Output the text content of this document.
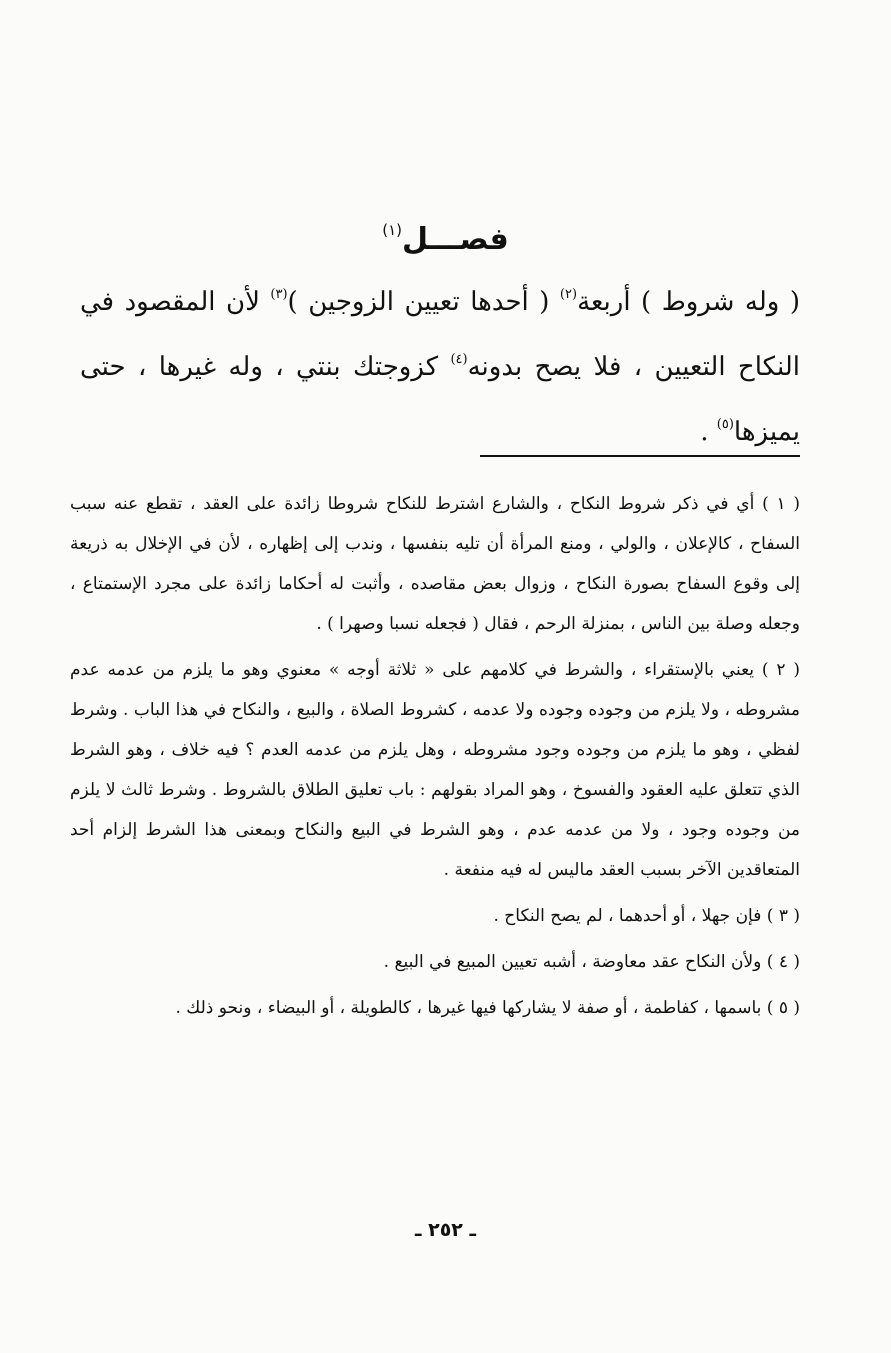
فصـــل$^{(١)}$
( وله شروط ) أربعة$^{(٢)}$ ( أحدها تعيين الزوجين )$^{(٣)}$ لأن المقصود في النكاح التعيين ، فلا يصح بدونه$^{(٤)}$ كزوجتك بنتي ، وله غيرها ، حتى يميزها$^{(٥)}$ .

( ١ ) أي في ذكر شروط النكاح ، والشارع اشترط للنكاح شروطا زائدة على العقد ، تقطع عنه سبب السفاح ، كالإعلان ، والولي ، ومنع المرأة أن تليه بنفسها ، وندب إلى إظهاره ، لأن في الإخلال به ذريعة إلى وقوع السفاح بصورة النكاح ، وزوال بعض مقاصده ، وأثبت له أحكاما زائدة على مجرد الإستمتاع ، وجعله وصلة بين الناس ، بمنزلة الرحم ، فقال ( فجعله نسبا وصهرا ) .

( ٢ ) يعني بالإستقراء ، والشرط في كلامهم على « ثلاثة أوجه » معنوي وهو ما يلزم من عدمه عدم مشروطه ، ولا يلزم من وجوده وجوده ولا عدمه ، كشروط الصلاة ، والبيع ، والنكاح في هذا الباب . وشرط لفظي ، وهو ما يلزم من وجوده وجود مشروطه ، وهل يلزم من عدمه العدم ؟ فيه خلاف ، وهو الشرط الذي تتعلق عليه العقود والفسوخ ، وهو المراد بقولهم : باب تعليق الطلاق بالشروط . وشرط ثالث لا يلزم من وجوده وجود ، ولا من عدمه عدم ، وهو الشرط في البيع والنكاح وبمعنى هذا الشرط إلزام أحد المتعاقدين الآخر بسبب العقد ماليس له فيه منفعة .

( ٣ ) فإن جهلا ، أو أحدهما ، لم يصح النكاح .

( ٤ ) ولأن النكاح عقد معاوضة ، أشبه تعيين المبيع في البيع .

( ٥ ) باسمها ، كفاطمة ، أو صفة لا يشاركها فيها غيرها ، كالطويلة ، أو البيضاء ، ونحو ذلك .

ـ ٢٥٢ ـ
